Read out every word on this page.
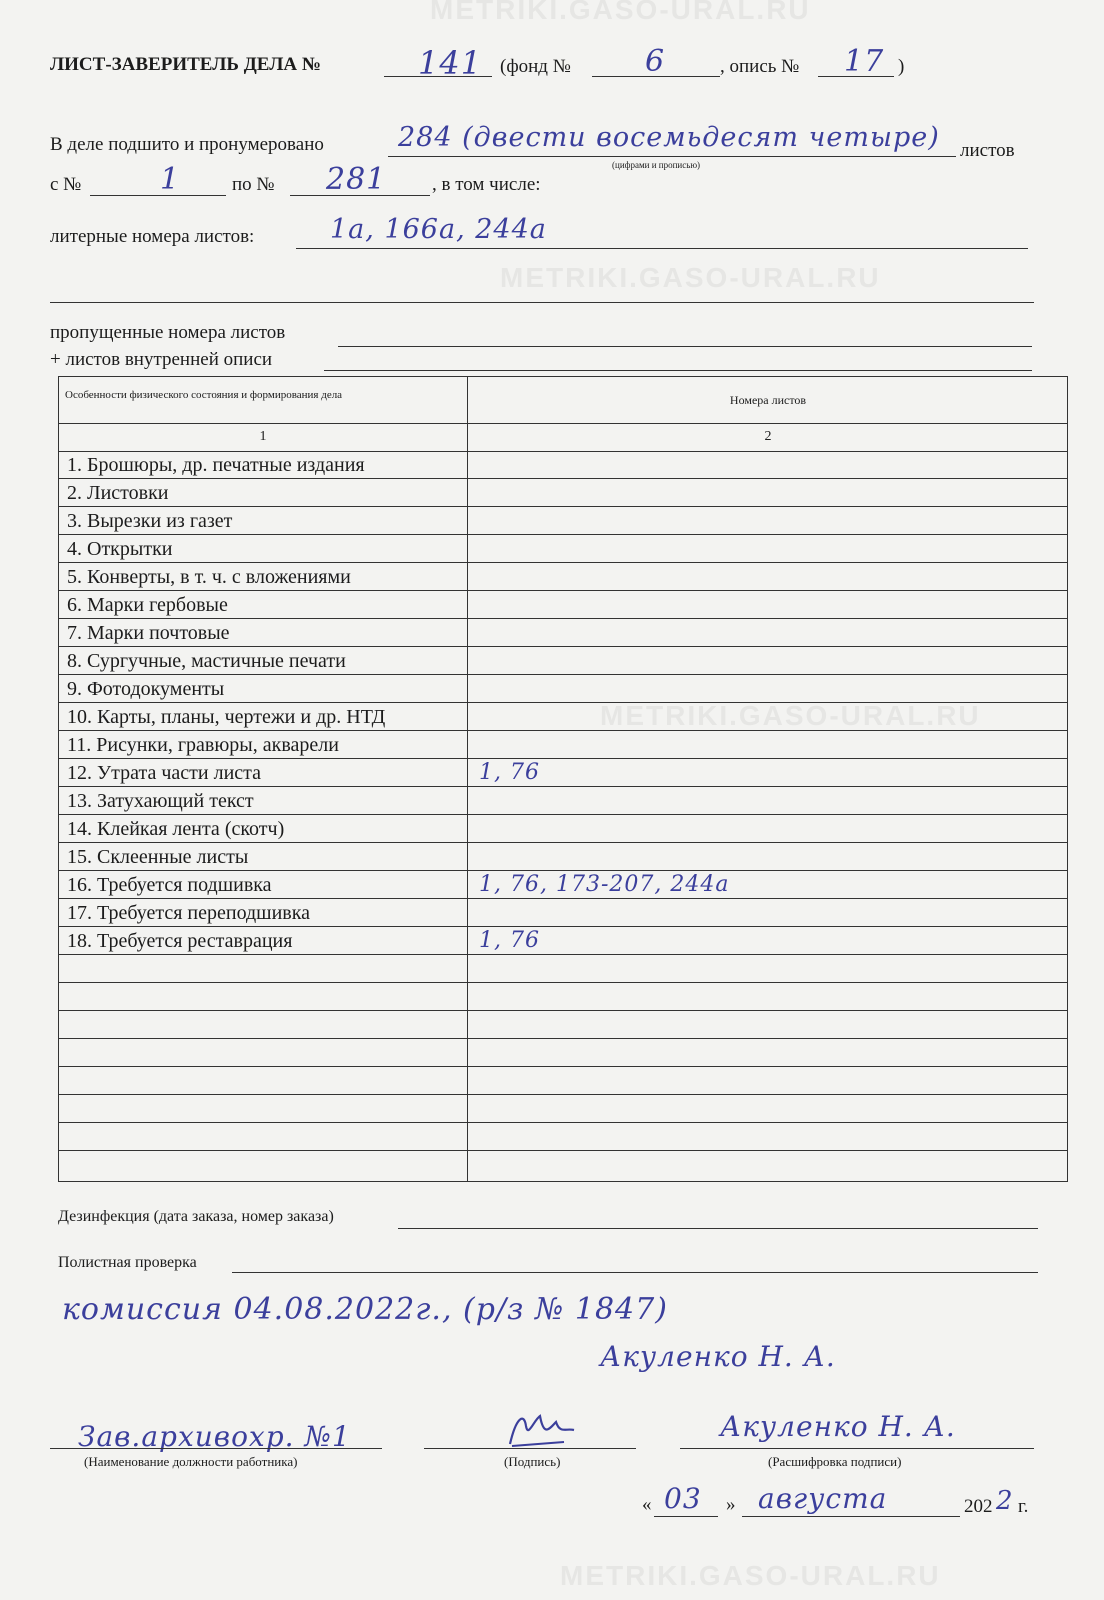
METRIKI.GASO-URAL.RU
METRIKI.GASO-URAL.RU
METRIKI.GASO-URAL.RU
METRIKI.GASO-URAL.RU
ЛИСТ-ЗАВЕРИТЕЛЬ ДЕЛА №	141 (фонд № 6	, опись № 17 )
В деле подшито и пронумеровано	284 (двести восемьдесят четыре)
(цифрами и прописью)
листов
с №	1	по № 281 , в том числе:
литерные номера листов:	1а, 166а, 244а
пропущенные номера листов
+ листов внутренней описи
Особенности физического состояния и формирования дела	Номера листов
1	2
1. Брошюры, др. печатные издания
2. Листовки
3. Вырезки из газет
4. Открытки
5. Конверты, в т. ч. с вложениями
6. Марки гербовые
7. Марки почтовые
8. Сургучные, мастичные печати
9. Фотодокументы
10. Карты, планы, чертежи и др. НТД
11. Рисунки, гравюры, акварели
12. Утрата части листа	1, 76
13. Затухающий текст
14. Клейкая лента (скотч)
15. Склеенные листы
16. Требуется подшивка	1, 76, 173-207, 244а
17. Требуется переподшивка
18. Требуется реставрация	1, 76
Дезинфекция (дата заказа, номер заказа)
Полистная проверка
комиссия 04.08.2022г., (р/з № 1847)
Акуленко Н. А.
Зав.архивохр. №1
(Наименование должности работника)	(Подпись)
Акуленко Н. А.
(Расшифровка подписи)
« 03 » августа	202 2 г.
